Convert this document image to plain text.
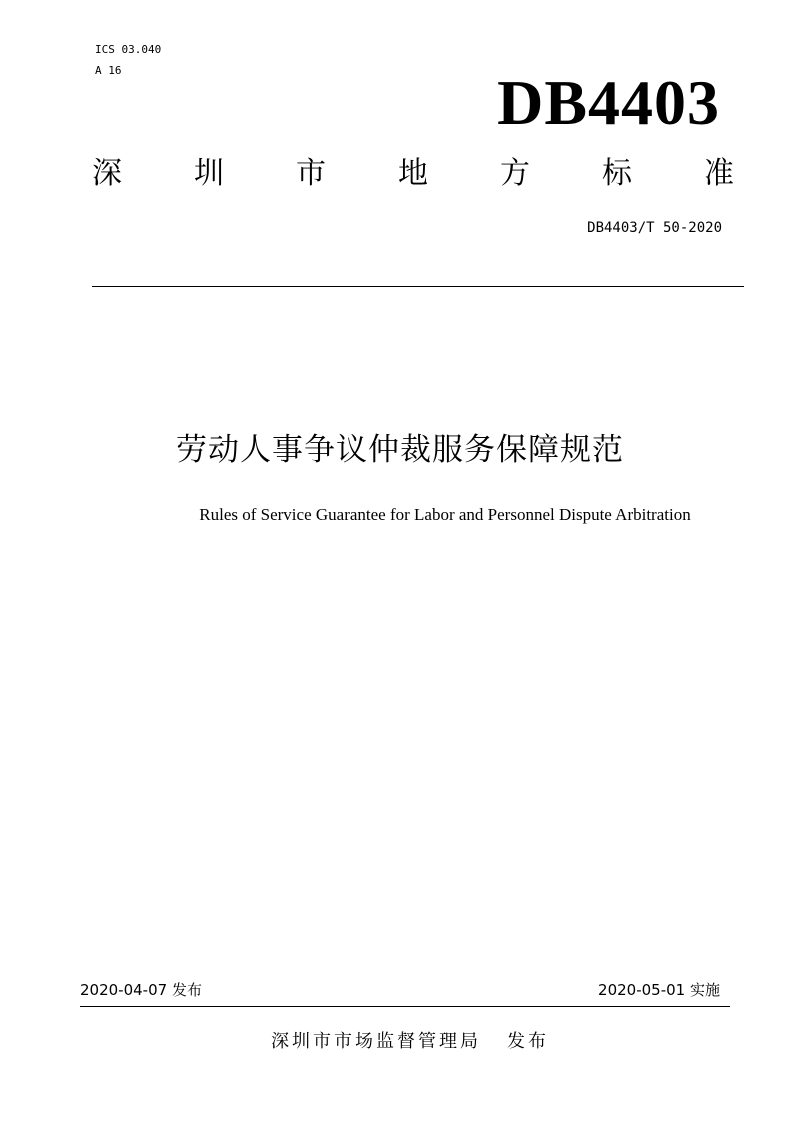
ICS 03.040
A 16	DB4403
深 圳 市 地 方 标 准
DB4403/T 50-2020
劳动人事争议仲裁服务保障规范
Rules of Service Guarantee for Labor and Personnel Dispute Arbitration
2020-04-07 发布	2020-05-01 实施
深圳市市场监督管理局 发布
